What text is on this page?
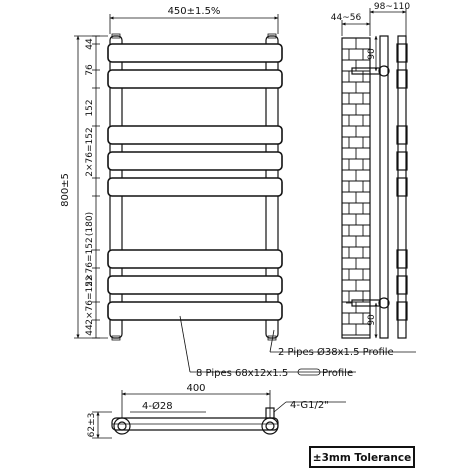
450±1.5%
800±5
44
76
152
2×76=152
(180)
2×76=152
2×76=152
44
44~56
98~110
90
90
2 Pipes Ø38x1.5 Profile
8 Pipes 68x12x1.5	Profile
400
4-Ø28	4-G1/2"
62±3
±3mm Tolerance
